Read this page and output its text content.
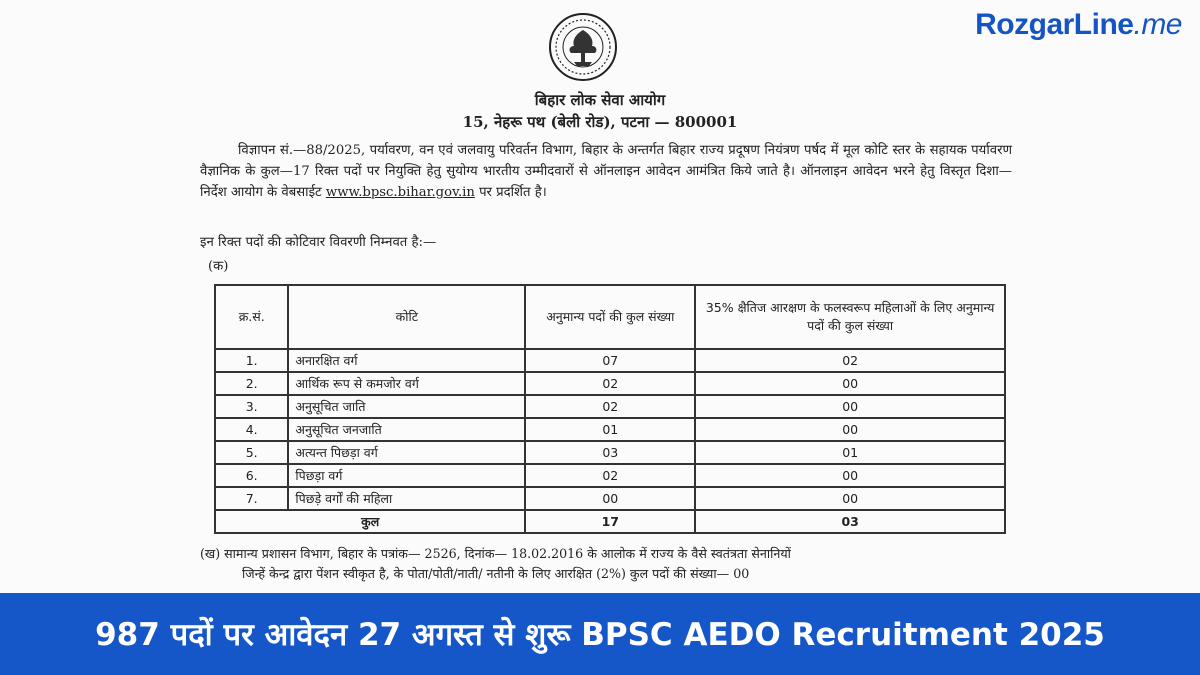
RozgarLine.me
बिहार लोक सेवा आयोग
15, नेहरू पथ (बेली रोड), पटना — 800001
विज्ञापन सं.—88/2025, पर्यावरण, वन एवं जलवायु परिवर्तन विभाग, बिहार के अन्तर्गत बिहार राज्य प्रदूषण नियंत्रण पर्षद में मूल कोटि स्तर के सहायक पर्यावरण वैज्ञानिक के कुल—17 रिक्त पदों पर नियुक्ति हेतु सुयोग्य भारतीय उम्मीदवारों से ऑनलाइन आवेदन आमंत्रित किये जाते है। ऑनलाइन आवेदन भरने हेतु विस्तृत दिशा—निर्देश आयोग के वेबसाईट www.bpsc.bihar.gov.in पर प्रदर्शित है।
इन रिक्त पदों की कोटिवार विवरणी निम्नवत है:—
(क)
क्र.सं.	कोटि	अनुमान्य पदों की कुल संख्या	35% क्षैतिज आरक्षण के फलस्वरूप महिलाओं के लिए अनुमान्य पदों की कुल संख्या
1.	अनारक्षित वर्ग	07	02
2.	आर्थिक रूप से कमजोर वर्ग	02	00
3.	अनुसूचित जाति	02	00
4.	अनुसूचित जनजाति	01	00
5.	अत्यन्त पिछड़ा वर्ग	03	01
6.	पिछड़ा वर्ग	02	00
7.	पिछड़े वर्गों की महिला	00	00
कुल		17	03
(ख) सामान्य प्रशासन विभाग, बिहार के पत्रांक— 2526, दिनांक— 18.02.2016 के आलोक में राज्य के वैसे स्वतंत्रता सेनानियों
जिन्हें केन्द्र द्वारा पेंशन स्वीकृत है, के पोता/पोती/नाती/ नतीनी के लिए आरक्षित (2%) कुल पदों की संख्या— 00
987 पदों पर आवेदन 27 अगस्त से शुरू BPSC AEDO Recruitment 2025
